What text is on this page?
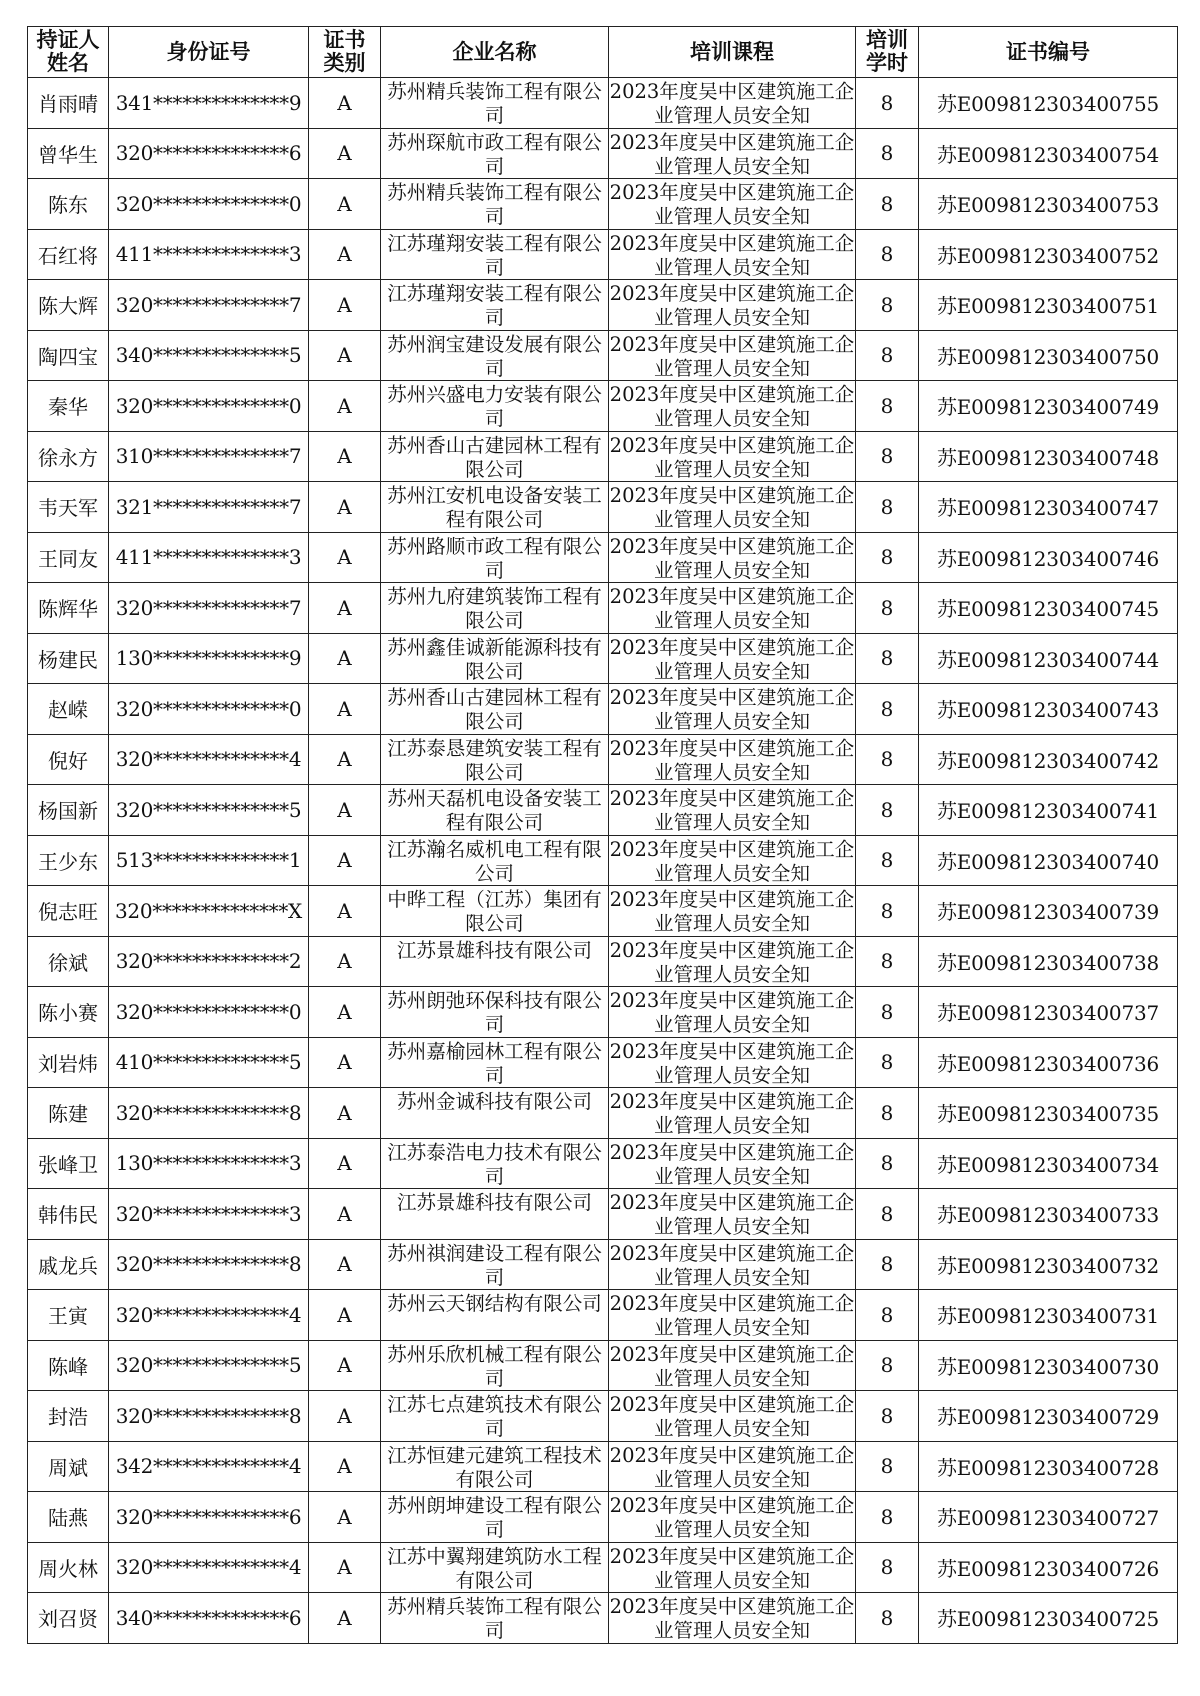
持证人姓名	身份证号	证书类别	企业名称	培训课程	培训学时	证书编号
肖雨晴	341**************9	A	苏州精兵装饰工程有限公司	2023年度吴中区建筑施工企业管理人员安全知	8	苏E009812303400755
曾华生	320**************6	A	苏州琛航市政工程有限公司	2023年度吴中区建筑施工企业管理人员安全知	8	苏E009812303400754
陈东	320**************0	A	苏州精兵装饰工程有限公司	2023年度吴中区建筑施工企业管理人员安全知	8	苏E009812303400753
石红将	411**************3	A	江苏瑾翔安装工程有限公司	2023年度吴中区建筑施工企业管理人员安全知	8	苏E009812303400752
陈大辉	320**************7	A	江苏瑾翔安装工程有限公司	2023年度吴中区建筑施工企业管理人员安全知	8	苏E009812303400751
陶四宝	340**************5	A	苏州润宝建设发展有限公司	2023年度吴中区建筑施工企业管理人员安全知	8	苏E009812303400750
秦华	320**************0	A	苏州兴盛电力安装有限公司	2023年度吴中区建筑施工企业管理人员安全知	8	苏E009812303400749
徐永方	310**************7	A	苏州香山古建园林工程有限公司	2023年度吴中区建筑施工企业管理人员安全知	8	苏E009812303400748
韦天军	321**************7	A	苏州江安机电设备安装工程有限公司	2023年度吴中区建筑施工企业管理人员安全知	8	苏E009812303400747
王同友	411**************3	A	苏州路顺市政工程有限公司	2023年度吴中区建筑施工企业管理人员安全知	8	苏E009812303400746
陈辉华	320**************7	A	苏州九府建筑装饰工程有限公司	2023年度吴中区建筑施工企业管理人员安全知	8	苏E009812303400745
杨建民	130**************9	A	苏州鑫佳诚新能源科技有限公司	2023年度吴中区建筑施工企业管理人员安全知	8	苏E009812303400744
赵嵘	320**************0	A	苏州香山古建园林工程有限公司	2023年度吴中区建筑施工企业管理人员安全知	8	苏E009812303400743
倪好	320**************4	A	江苏泰恳建筑安装工程有限公司	2023年度吴中区建筑施工企业管理人员安全知	8	苏E009812303400742
杨国新	320**************5	A	苏州天磊机电设备安装工程有限公司	2023年度吴中区建筑施工企业管理人员安全知	8	苏E009812303400741
王少东	513**************1	A	江苏瀚名威机电工程有限公司	2023年度吴中区建筑施工企业管理人员安全知	8	苏E009812303400740
倪志旺	320**************X	A	中晔工程（江苏）集团有限公司	2023年度吴中区建筑施工企业管理人员安全知	8	苏E009812303400739
徐斌	320**************2	A	江苏景雄科技有限公司	2023年度吴中区建筑施工企业管理人员安全知	8	苏E009812303400738
陈小赛	320**************0	A	苏州朗弛环保科技有限公司	2023年度吴中区建筑施工企业管理人员安全知	8	苏E009812303400737
刘岩炜	410**************5	A	苏州嘉榆园林工程有限公司	2023年度吴中区建筑施工企业管理人员安全知	8	苏E009812303400736
陈建	320**************8	A	苏州金诚科技有限公司	2023年度吴中区建筑施工企业管理人员安全知	8	苏E009812303400735
张峰卫	130**************3	A	江苏泰浩电力技术有限公司	2023年度吴中区建筑施工企业管理人员安全知	8	苏E009812303400734
韩伟民	320**************3	A	江苏景雄科技有限公司	2023年度吴中区建筑施工企业管理人员安全知	8	苏E009812303400733
戚龙兵	320**************8	A	苏州祺润建设工程有限公司	2023年度吴中区建筑施工企业管理人员安全知	8	苏E009812303400732
王寅	320**************4	A	苏州云天钢结构有限公司	2023年度吴中区建筑施工企业管理人员安全知	8	苏E009812303400731
陈峰	320**************5	A	苏州乐欣机械工程有限公司	2023年度吴中区建筑施工企业管理人员安全知	8	苏E009812303400730
封浩	320**************8	A	江苏七点建筑技术有限公司	2023年度吴中区建筑施工企业管理人员安全知	8	苏E009812303400729
周斌	342**************4	A	江苏恒建元建筑工程技术有限公司	2023年度吴中区建筑施工企业管理人员安全知	8	苏E009812303400728
陆燕	320**************6	A	苏州朗坤建设工程有限公司	2023年度吴中区建筑施工企业管理人员安全知	8	苏E009812303400727
周火林	320**************4	A	江苏中翼翔建筑防水工程有限公司	2023年度吴中区建筑施工企业管理人员安全知	8	苏E009812303400726
刘召贤	340**************6	A	苏州精兵装饰工程有限公司	2023年度吴中区建筑施工企业管理人员安全知	8	苏E009812303400725
